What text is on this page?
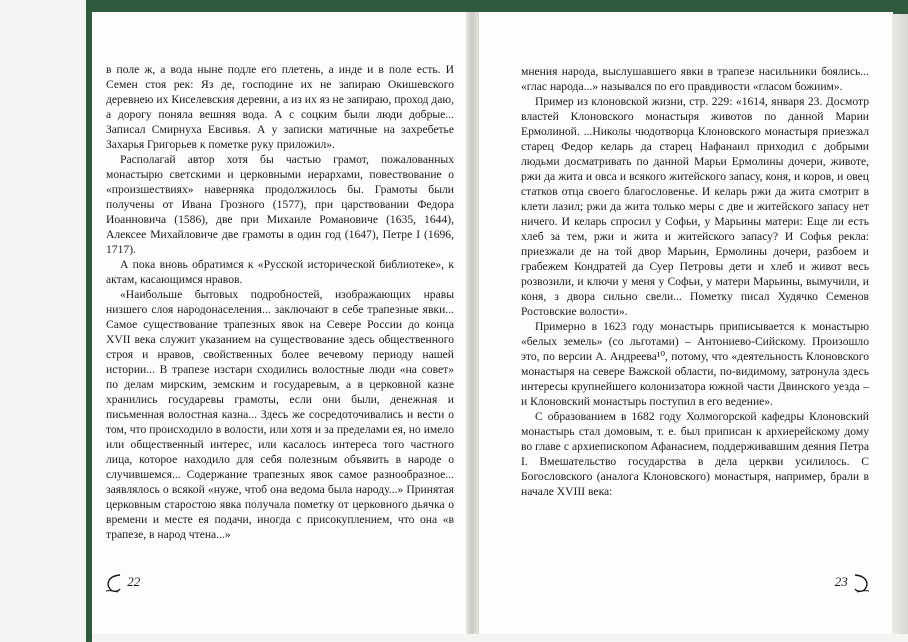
в поле ж, а вода ныне подле его плетень, а инде и в поле есть. И Семен стоя рек: Яз де, господине их не запираю Окишевского деревнею их Киселевския деревни, а из их яз не запираю, проход даю, а дорогу поняла вешняя вода. А с соцким были люди добрые... Записал Смирнуха Евсивья. А у записки матичные на захребетье Захарья Григорьев к пометке руку приложил».

Располагай автор хотя бы частью грамот, пожалованных монастырю светскими и церковными иерархами, повествование о «произшествиях» наверняка продолжилось бы. Грамоты были получены от Ивана Грозного (1577), при царствовании Федора Иоанновича (1586), две при Михаиле Романовиче (1635, 1644), Алексее Михайловиче две грамоты в один год (1647), Петре I (1696, 1717).

А пока вновь обратимся к «Русской исторической библиотеке», к актам, касающимся нравов.

«Наибольше бытовых подробностей, изображающих нравы низшего слоя народонаселения... заключают в себе трапезные явки... Самое существование трапезных явок на Севере России до конца XVII века служит указанием на существование здесь общественного строя и нравов, свойственных более вечевому периоду нашей истории... В трапезе изстари сходились волостные люди «на совет» по делам мирским, земским и государевым, а в церковной казне хранились государевы грамоты, если они были, денежная и письменная волостная казна... Здесь же сосредоточивались и вести о том, что происходило в волости, или хотя и за пределами ея, но имело или общественный интерес, или касалось интереса того частного лица, которое находило для себя полезным объявить в народе о случившемся... Содержание трапезных явок самое разнообразное... заявлялось о всякой «нуже, чтоб она ведома была народу...» Принятая церковным старостою явка получала пометку от церковного дьячка о времени и месте ея подачи, иногда с присокуплением, что она «в трапезе, в народ чтена...»

22

мнения народа, выслушавшего явки в трапезе насильники боялись... «глас народа...» назывался по его правдивости «гласом божиим».

Пример из клоновской жизни, стр. 229: «1614, января 23. Досмотр властей Клоновского монастыря животов по данной Марии Ермолиной. ...Николы чюдотворца Клоновского монастыря приезжал старец Федор келарь да старец Нафанаил приходил с добрыми людьми досматривать по данной Марьи Ермолины дочери, животе, ржи да жита и овса и всякого житейского запасу, коня, и коров, и овец статков отца своего благословенье. И келарь ржи да жита смотрит в клети лазил; ржи да жита только меры с две и житейского запасу нет ничего. И келарь спросил у Софьи, у Марьины матери: Еще ли есть хлеб за тем, ржи и жита и житейского запасу? И Софья рекла: приезжали де на той двор Марьин, Ермолины дочери, разбоем и грабежем Кондратей да Суер Петровы дети и хлеб и живот весь розвозили, и ключи у меня у Софьи, у матери Марьины, вымучили, и коня, з двора сильно свели... Пометку писал Худячко Семенов Ростовские волости».

Примерно в 1623 году монастырь приписывается к монастырю «белых земель» (со льготами) – Антониево-Сийскому. Произошло это, по версии А. Андреева¹⁰, потому, что «деятельность Клоновского монастыря на севере Важской области, по-видимому, затронула здесь интересы крупнейшего колонизатора южной части Двинского уезда – и Клоновский монастырь поступил в его ведение».

С образованием в 1682 году Холмогорской кафедры Клоновский монастырь стал домовым, т. е. был приписан к архиерейскому дому во главе с архиепископом Афанасием, поддерживавшим деяния Петра I. Вмешательство государства в дела церкви усилилось. С Богословского (аналога Клоновского) монастыря, например, брали в начале XVIII века:

23
